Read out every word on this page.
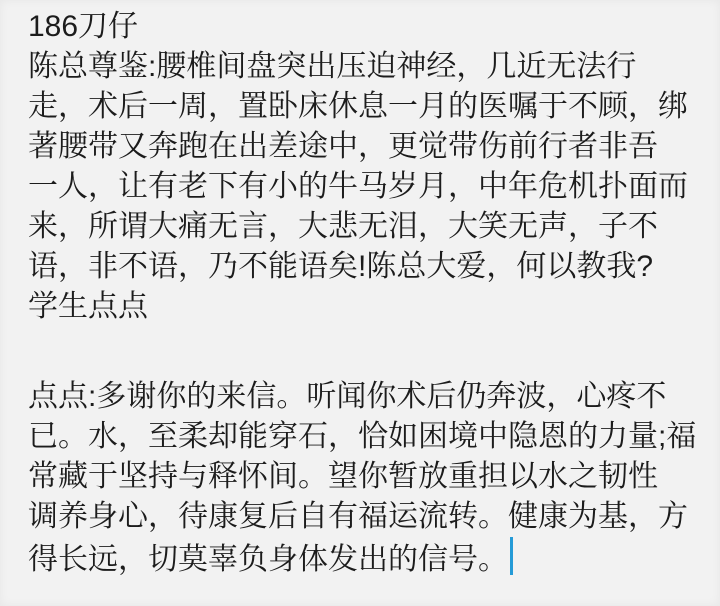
186刀仔
陈总尊鉴:腰椎间盘突出压迫神经，几近无法行
走，术后一周，置卧床休息一月的医嘱于不顾，绑
著腰带又奔跑在出差途中，更觉带伤前行者非吾
一人，让有老下有小的牛马岁月，中年危机扑面而
来，所谓大痛无言，大悲无泪，大笑无声，子不
语，非不语，乃不能语矣!陈总大爱，何以教我?
学生点点
点点:多谢你的来信。听闻你术后仍奔波，心疼不
已。水，至柔却能穿石，恰如困境中隐恩的力量;福
常藏于坚持与释怀间。望你暂放重担以水之韧性
调养身心，待康复后自有福运流转。健康为基，方
得长远，切莫辜负身体发出的信号。
